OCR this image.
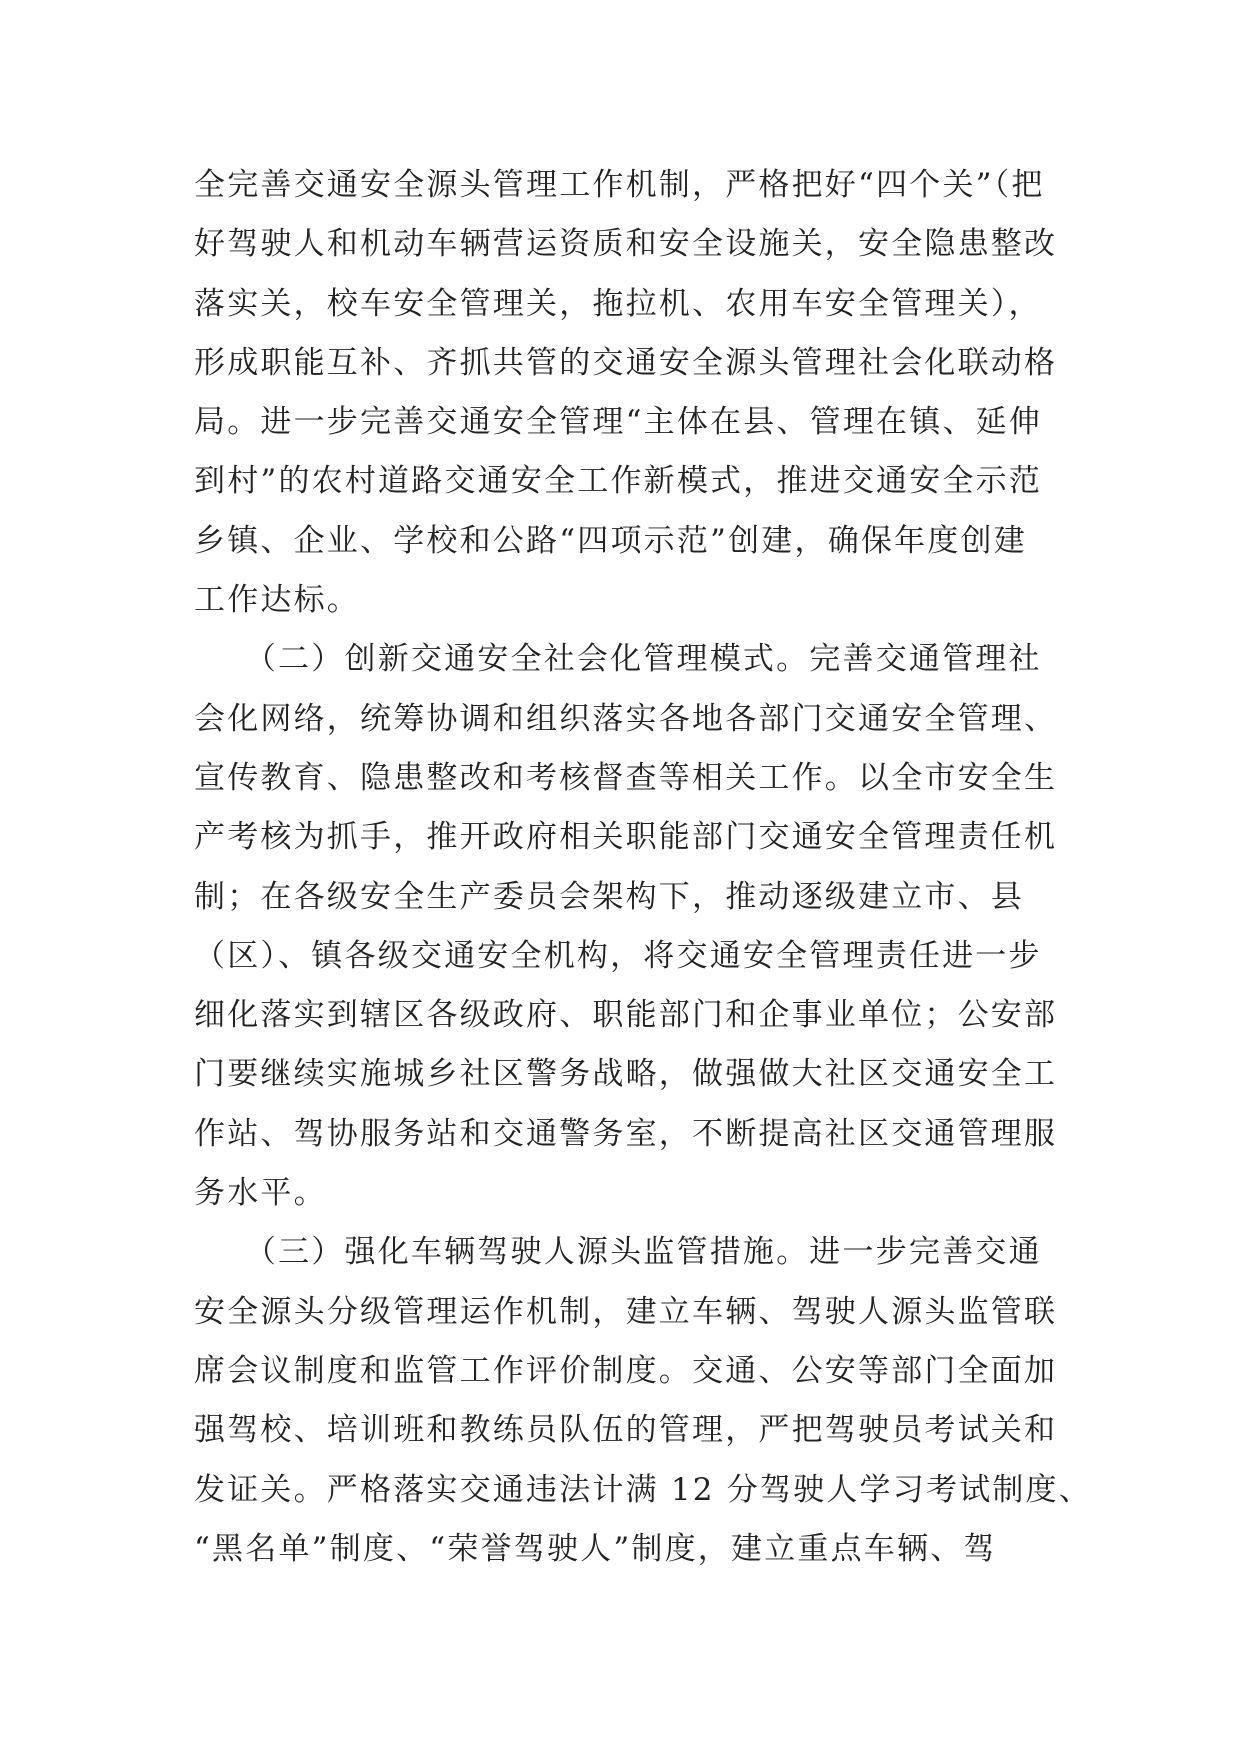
全完善交通安全源头管理工作机制，严格把好“四个关”（把
好驾驶人和机动车辆营运资质和安全设施关，安全隐患整改
落实关，校车安全管理关，拖拉机、农用车安全管理关），
形成职能互补、齐抓共管的交通安全源头管理社会化联动格
局。进一步完善交通安全管理“主体在县、管理在镇、延伸
到村”的农村道路交通安全工作新模式，推进交通安全示范
乡镇、企业、学校和公路“四项示范”创建，确保年度创建
工作达标。
　　（二）创新交通安全社会化管理模式。完善交通管理社
会化网络，统筹协调和组织落实各地各部门交通安全管理、
宣传教育、隐患整改和考核督查等相关工作。以全市安全生
产考核为抓手，推开政府相关职能部门交通安全管理责任机
制；在各级安全生产委员会架构下，推动逐级建立市、县
（区）、镇各级交通安全机构，将交通安全管理责任进一步
细化落实到辖区各级政府、职能部门和企事业单位；公安部
门要继续实施城乡社区警务战略，做强做大社区交通安全工
作站、驾协服务站和交通警务室，不断提高社区交通管理服
务水平。
　　（三）强化车辆驾驶人源头监管措施。进一步完善交通
安全源头分级管理运作机制，建立车辆、驾驶人源头监管联
席会议制度和监管工作评价制度。交通、公安等部门全面加
强驾校、培训班和教练员队伍的管理，严把驾驶员考试关和
发证关。严格落实交通违法计满 12 分驾驶人学习考试制度、
“黑名单”制度、“荣誉驾驶人”制度，建立重点车辆、驾
